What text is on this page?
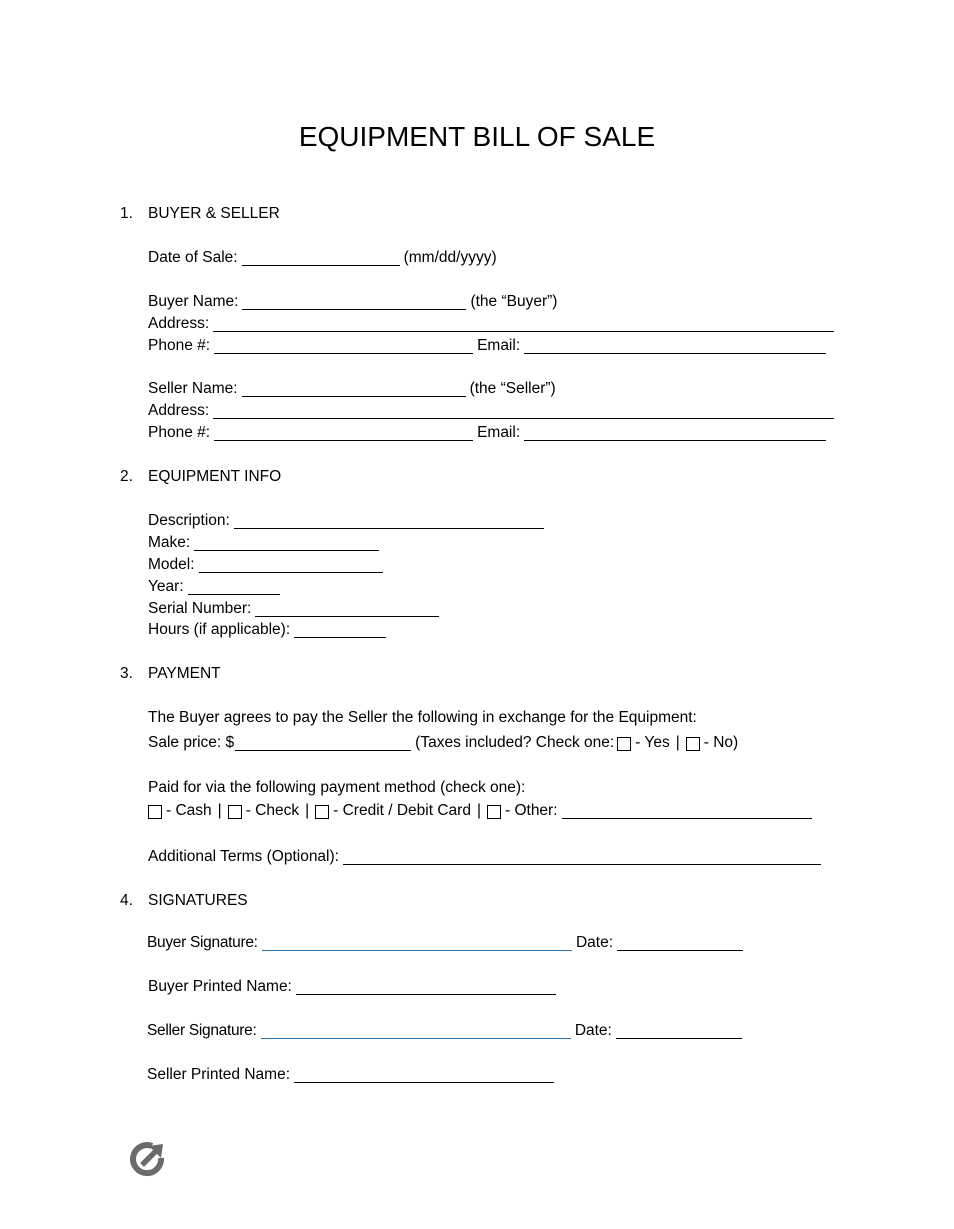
EQUIPMENT BILL OF SALE
1. BUYER & SELLER
Date of Sale:	(mm/dd/yyyy)
Buyer Name:	(the “Buyer”)
Address:
Phone #:	Email:
Seller Name:	(the “Seller”)
Address:
Phone #:	Email:
2. EQUIPMENT INFO
Description:
Make:
Model:
Year:
Serial Number:
Hours (if applicable):
3. PAYMENT
The Buyer agrees to pay the Seller the following in exchange for the Equipment:
Sale price: $	(Taxes included? Check one: - Yes | - No)
Paid for via the following payment method (check one):
- Cash | - Check | - Credit / Debit Card | - Other:
Additional Terms (Optional):
4. SIGNATURES
Buyer Signature :	Date:
Buyer Printed Name:
Seller Signature :	Date:
Seller Printed Name:
